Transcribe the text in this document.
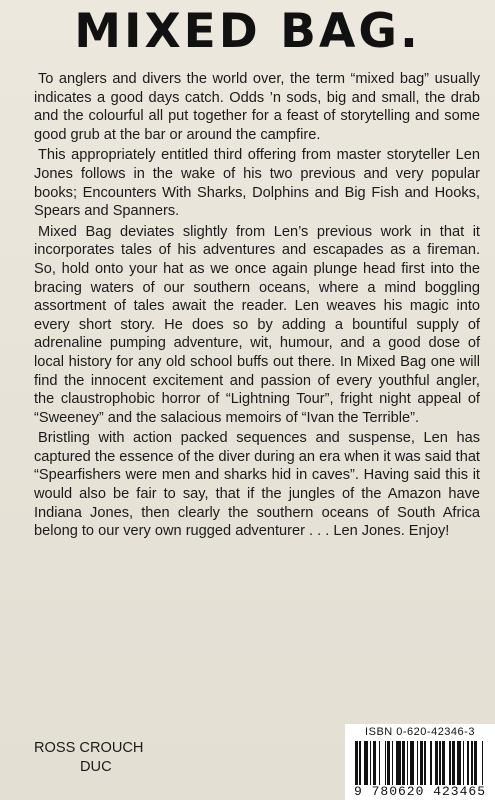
MIXED BAG.

To anglers and divers the world over, the term “mixed bag” usually indicates a good days catch. Odds ’n sods, big and small, the drab and the colourful all put together for a feast of storytelling and some good grub at the bar or around the campfire.

This appropriately entitled third offering from master storyteller Len Jones follows in the wake of his two previous and very popular books; Encounters With Sharks, Dolphins and Big Fish and Hooks, Spears and Spanners.

Mixed Bag deviates slightly from Len’s previous work in that it incorporates tales of his adventures and escapades as a fireman. So, hold onto your hat as we once again plunge head first into the bracing waters of our southern oceans, where a mind boggling assortment of tales await the reader. Len weaves his magic into every short story. He does so by adding a bountiful supply of adrenaline pumping adventure, wit, humour, and a good dose of local history for any old school buffs out there. In Mixed Bag one will find the innocent excitement and passion of every youthful angler, the claustrophobic horror of “Lightning Tour”, fright night appeal of “Sweeney” and the salacious memoirs of “Ivan the Terrible”.

Bristling with action packed sequences and suspense, Len has captured the essence of the diver during an era when it was said that “Spearfishers were men and sharks hid in caves”. Having said this it would also be fair to say, that if the jungles of the Amazon have Indiana Jones, then clearly the southern oceans of South Africa belong to our very own rugged adventurer . . . Len Jones. Enjoy!

ROSS CROUCH
DUC
ISBN 0-620-42346-3
9 780620 423465
